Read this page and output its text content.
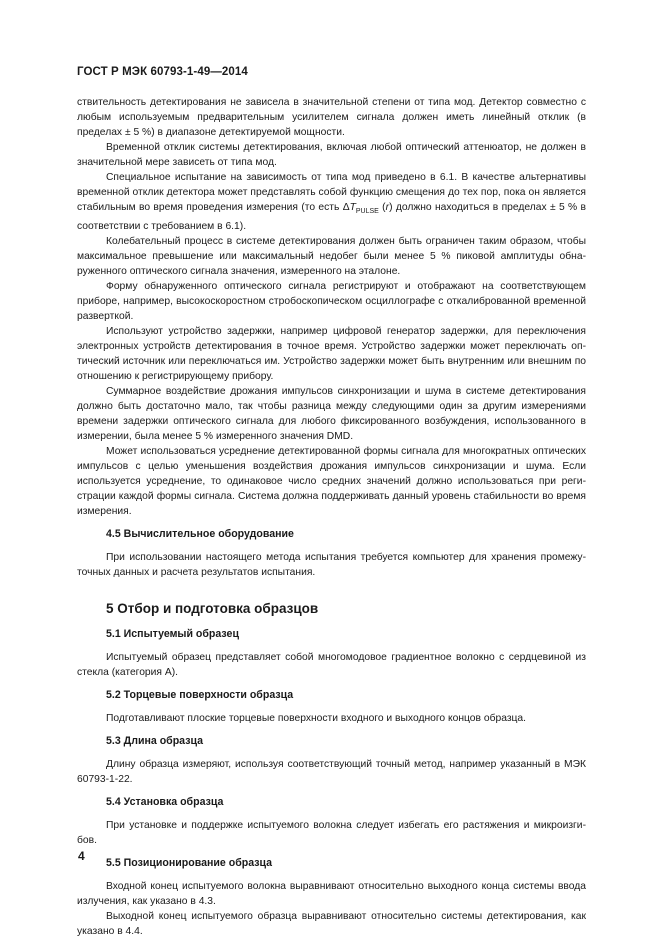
ГОСТ Р МЭК 60793-1-49—2014

ствительность детектирования не зависела в значительной степени от типа мод. Детектор совместно с любым используемым предварительным усилителем сигнала должен иметь линейный отклик (в пределах ± 5 %) в диапазоне детектируемой мощности.

Временной отклик системы детектирования, включая любой оптический аттенюатор, не должен в значительной мере зависеть от типа мод.

Специальное испытание на зависимость от типа мод приведено в 6.1. В качестве альтернативы временной отклик детектора может представлять собой функцию смещения до тех пор, пока он является стабильным во время проведения измерения (то есть $\Delta T_{PULSE}$ (r) должно находиться в пределах ± 5 % в соответствии с требованием в 6.1).

Колебательный процесс в системе детектирования должен быть ограничен таким образом, чтобы максимальное превышение или максимальный недобег были менее 5 % пиковой амплитуды обнаруженного оптического сигнала значения, измеренного на эталоне.

Форму обнаруженного оптического сигнала регистрируют и отображают на соответствующем приборе, например, высокоскоростном стробоскопическом осциллографе с откалиброванной временной разверткой.

Используют устройство задержки, например цифровой генератор задержки, для переключения электронных устройств детектирования в точное время. Устройство задержки может переключать оптический источник или переключаться им. Устройство задержки может быть внутренним или внешним по отношению к регистрирующему прибору.

Суммарное воздействие дрожания импульсов синхронизации и шума в системе детектирования должно быть достаточно мало, так чтобы разница между следующими один за другим измерениями времени задержки оптического сигнала для любого фиксированного возбуждения, использованного в измерении, была менее 5 % измеренного значения DMD.

Может использоваться усреднение детектированной формы сигнала для многократных оптических импульсов с целью уменьшения воздействия дрожания импульсов синхронизации и шума. Если используется усреднение, то одинаковое число средних значений должно использоваться при регистрации каждой формы сигнала. Система должна поддерживать данный уровень стабильности во время измерения.

4.5 Вычислительное оборудование

При использовании настоящего метода испытания требуется компьютер для хранения промежуточных данных и расчета результатов испытания.

5 Отбор и подготовка образцов
5.1 Испытуемый образец

Испытуемый образец представляет собой многомодовое градиентное волокно с сердцевиной из стекла (категория А).

5.2 Торцевые поверхности образца

Подготавливают плоские торцевые поверхности входного и выходного концов образца.

5.3 Длина образца

Длину образца измеряют, используя соответствующий точный метод, например указанный в МЭК 60793-1-22.

5.4 Установка образца

При установке и поддержке испытуемого волокна следует избегать его растяжения и микроизгибов.

5.5 Позиционирование образца

Входной конец испытуемого волокна выравнивают относительно выходного конца системы ввода излучения, как указано в 4.3.

Выходной конец испытуемого образца выравнивают относительно системы детектирования, как указано в 4.4.

4
